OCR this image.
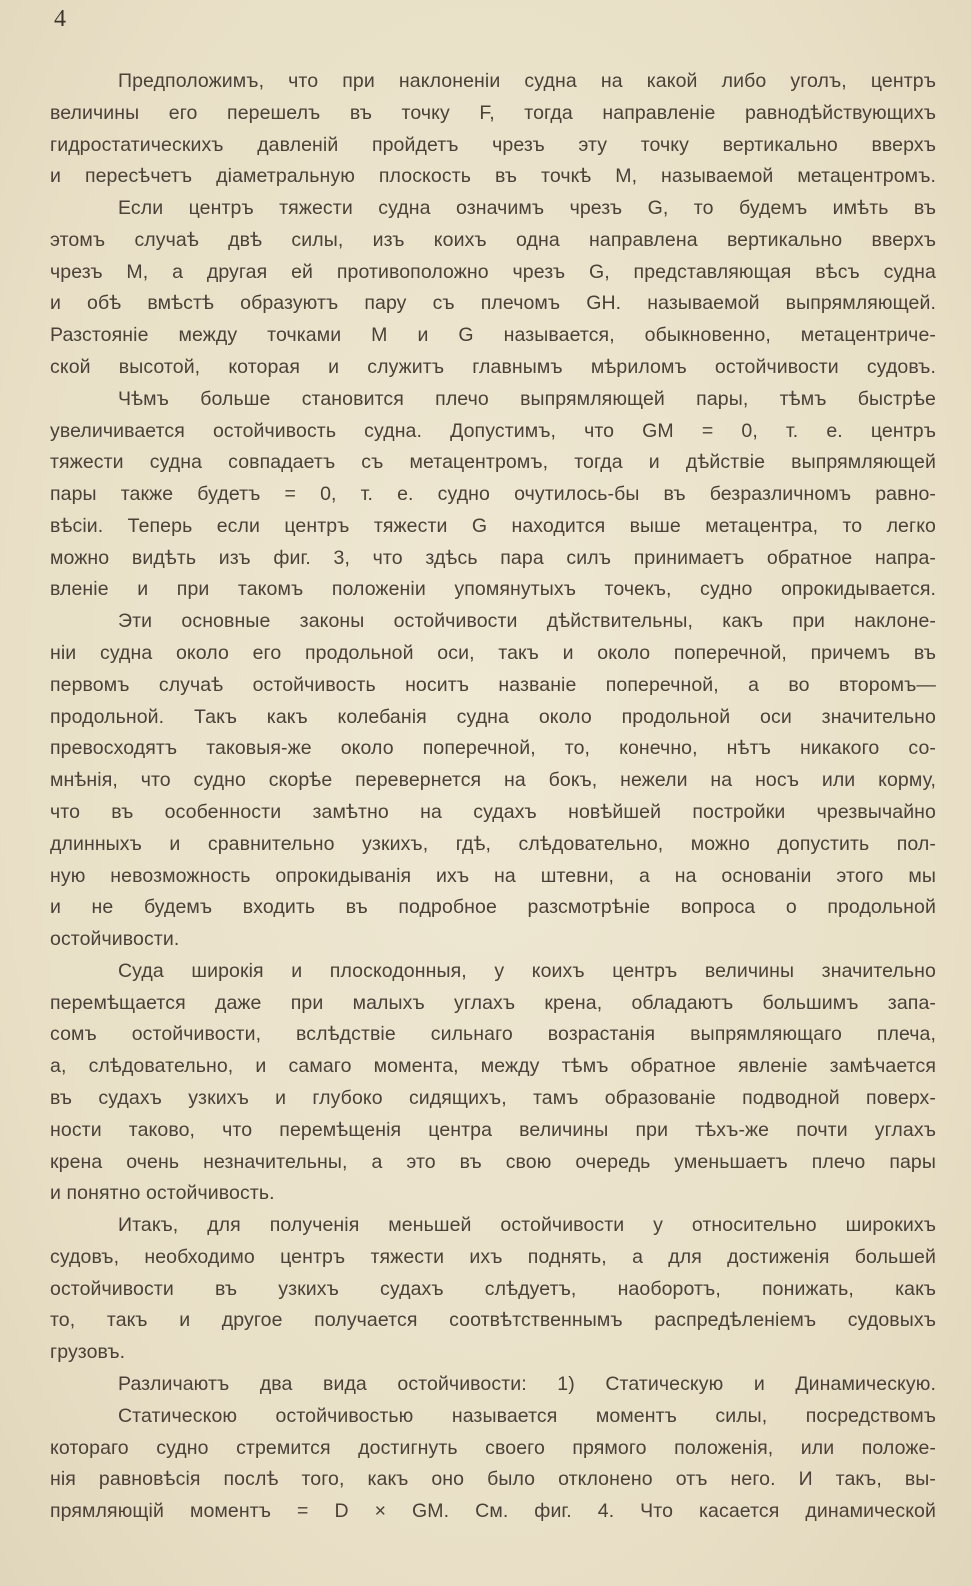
4
Предположимъ, что при наклоненіи судна на какой либо уголъ, центръ
величины его перешелъ въ точку F, тогда направленіе равнодѣйствующихъ
гидростатическихъ давленій пройдетъ чрезъ эту точку вертикально вверхъ
и пересѣчетъ діаметральную плоскость въ точкѣ M, называемой метацентромъ.
Если центръ тяжести судна означимъ чрезъ G, то будемъ имѣть въ
этомъ случаѣ двѣ силы, изъ коихъ одна направлена вертикально вверхъ
чрезъ M, а другая ей противоположно чрезъ G, представляющая вѣсъ судна
и обѣ вмѣстѣ образуютъ пару съ плечомъ GH. называемой выпрямляющей.
Разстояніе между точками M и G называется, обыкновенно, метацентриче-
ской высотой, которая и служитъ главнымъ мѣриломъ остойчивости судовъ.
Чѣмъ больше становится плечо выпрямляющей пары, тѣмъ быстрѣе
увеличивается остойчивость судна. Допустимъ, что GM = 0, т. е. центръ
тяжести судна совпадаетъ съ метацентромъ, тогда и дѣйствіе выпрямляющей
пары также будетъ = 0, т. е. судно очутилось-бы въ безразличномъ равно-
вѣсіи. Теперь если центръ тяжести G находится выше метацентра, то легко
можно видѣть изъ фиг. 3, что здѣсь пара силъ принимаетъ обратное напра-
вленіе и при такомъ положеніи упомянутыхъ точекъ, судно опрокидывается.
Эти основные законы остойчивости дѣйствительны, какъ при наклоне-
ніи судна около его продольной оси, такъ и около поперечной, причемъ въ
первомъ случаѣ остойчивость носитъ названіе поперечной, а во второмъ—
продольной. Такъ какъ колебанія судна около продольной оси значительно
превосходятъ таковыя-же около поперечной, то, конечно, нѣтъ никакого со-
мнѣнія, что судно скорѣе перевернется на бокъ, нежели на носъ или корму,
что въ особенности замѣтно на судахъ новѣйшей постройки чрезвычайно
длинныхъ и сравнительно узкихъ, гдѣ, слѣдовательно, можно допустить пол-
ную невозможность опрокидыванія ихъ на штевни, а на основаніи этого мы
и не будемъ входить въ подробное разсмотрѣніе вопроса о продольной
остойчивости.
Суда широкія и плоскодонныя, у коихъ центръ величины значительно
перемѣщается даже при малыхъ углахъ крена, обладаютъ большимъ запа-
сомъ остойчивости, вслѣдствіе сильнаго возрастанія выпрямляющаго плеча,
а, слѣдовательно, и самаго момента, между тѣмъ обратное явленіе замѣчается
въ судахъ узкихъ и глубоко сидящихъ, тамъ образованіе подводной поверх-
ности таково, что перемѣщенія центра величины при тѣхъ-же почти углахъ
крена очень незначительны, а это въ свою очередь уменьшаетъ плечо пары
и понятно остойчивость.
Итакъ, для полученія меньшей остойчивости у относительно широкихъ
судовъ, необходимо центръ тяжести ихъ поднять, а для достиженія большей
остойчивости въ узкихъ судахъ слѣдуетъ, наоборотъ, понижать, какъ
то, такъ и другое получается соотвѣтственнымъ распредѣленіемъ судовыхъ
грузовъ.
Различаютъ два вида остойчивости: 1) Статическую и Динамическую.
Статическою остойчивостью называется моментъ силы, посредствомъ
котораго судно стремится достигнуть своего прямого положенія, или положе-
нія равновѣсія послѣ того, какъ оно было отклонено отъ него. И такъ, вы-
прямляющій моментъ = D × GM. См. фиг. 4. Что касается динамической
